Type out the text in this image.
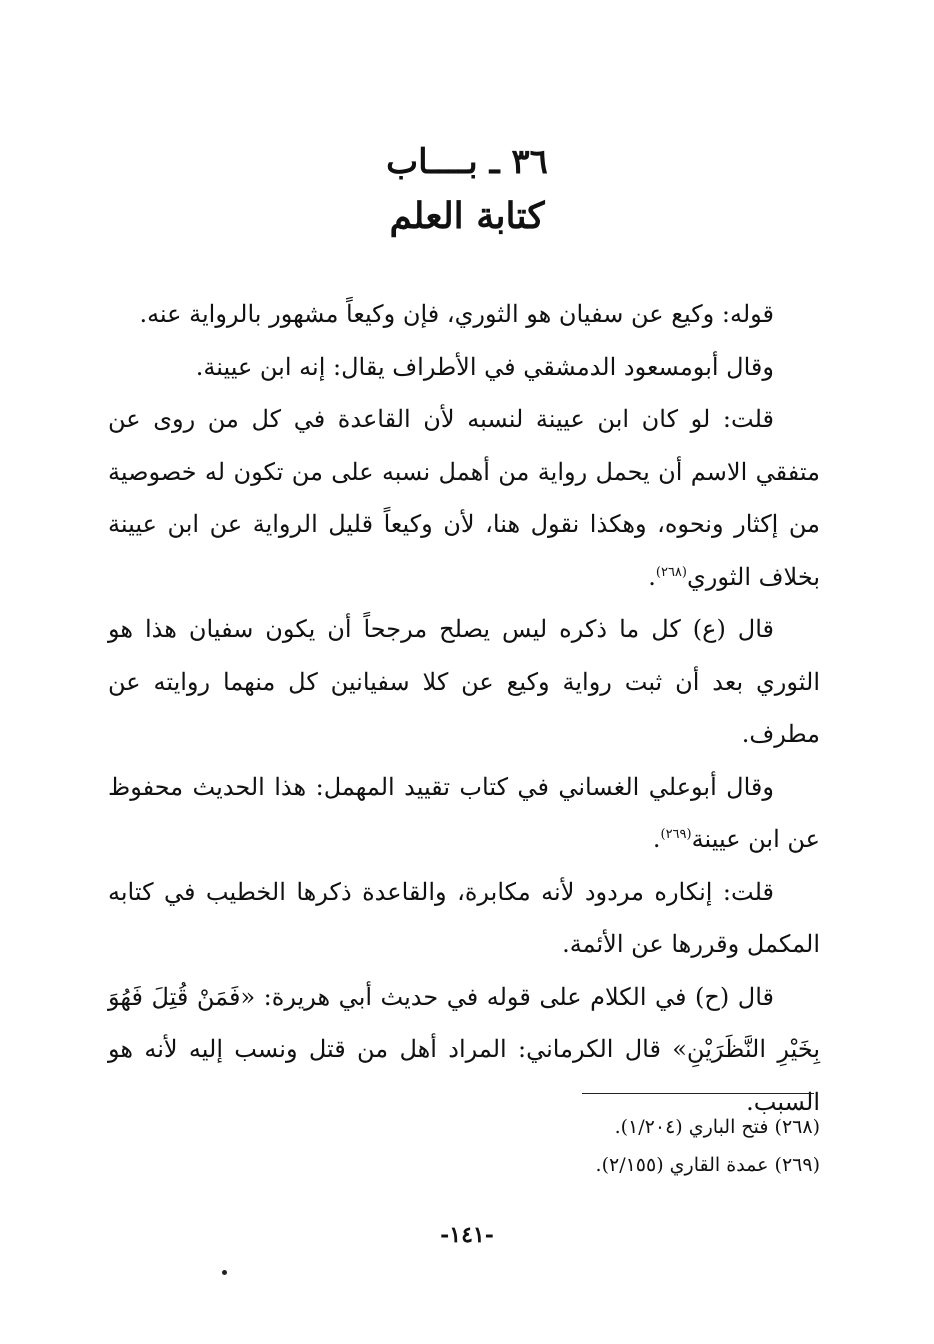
٣٦ ـ بــــاب
كتابة العلم

قوله: وكيع عن سفيان هو الثوري، فإن وكيعاً مشهور بالرواية عنه.

وقال أبومسعود الدمشقي في الأطراف يقال: إنه ابن عيينة.

قلت: لو كان ابن عيينة لنسبه لأن القاعدة في كل من روى عن متفقي الاسم أن يحمل رواية من أهمل نسبه على من تكون له خصوصية من إكثار ونحوه، وهكذا نقول هنا، لأن وكيعاً قليل الرواية عن ابن عيينة بخلاف الثوري$^{(٢٦٨)}$.

قال (ع) كل ما ذكره ليس يصلح مرجحاً أن يكون سفيان هذا هو الثوري بعد أن ثبت رواية وكيع عن كلا سفيانين كل منهما روايته عن مطرف.

وقال أبوعلي الغساني في كتاب تقييد المهمل: هذا الحديث محفوظ عن ابن عيينة$^{(٢٦٩)}$.

قلت: إنكاره مردود لأنه مكابرة، والقاعدة ذكرها الخطيب في كتابه المكمل وقررها عن الأئمة.

قال (ح) في الكلام على قوله في حديث أبي هريرة: «فَمَنْ قُتِلَ فَهُوَ بِخَيْرِ النَّظَرَيْنِ» قال الكرماني: المراد أهل من قتل ونسب إليه لأنه هو السبب.

(٢٦٨) فتح الباري (١/٢٠٤).

(٢٦٩) عمدة القاري (٢/١٥٥).

-١٤١-
